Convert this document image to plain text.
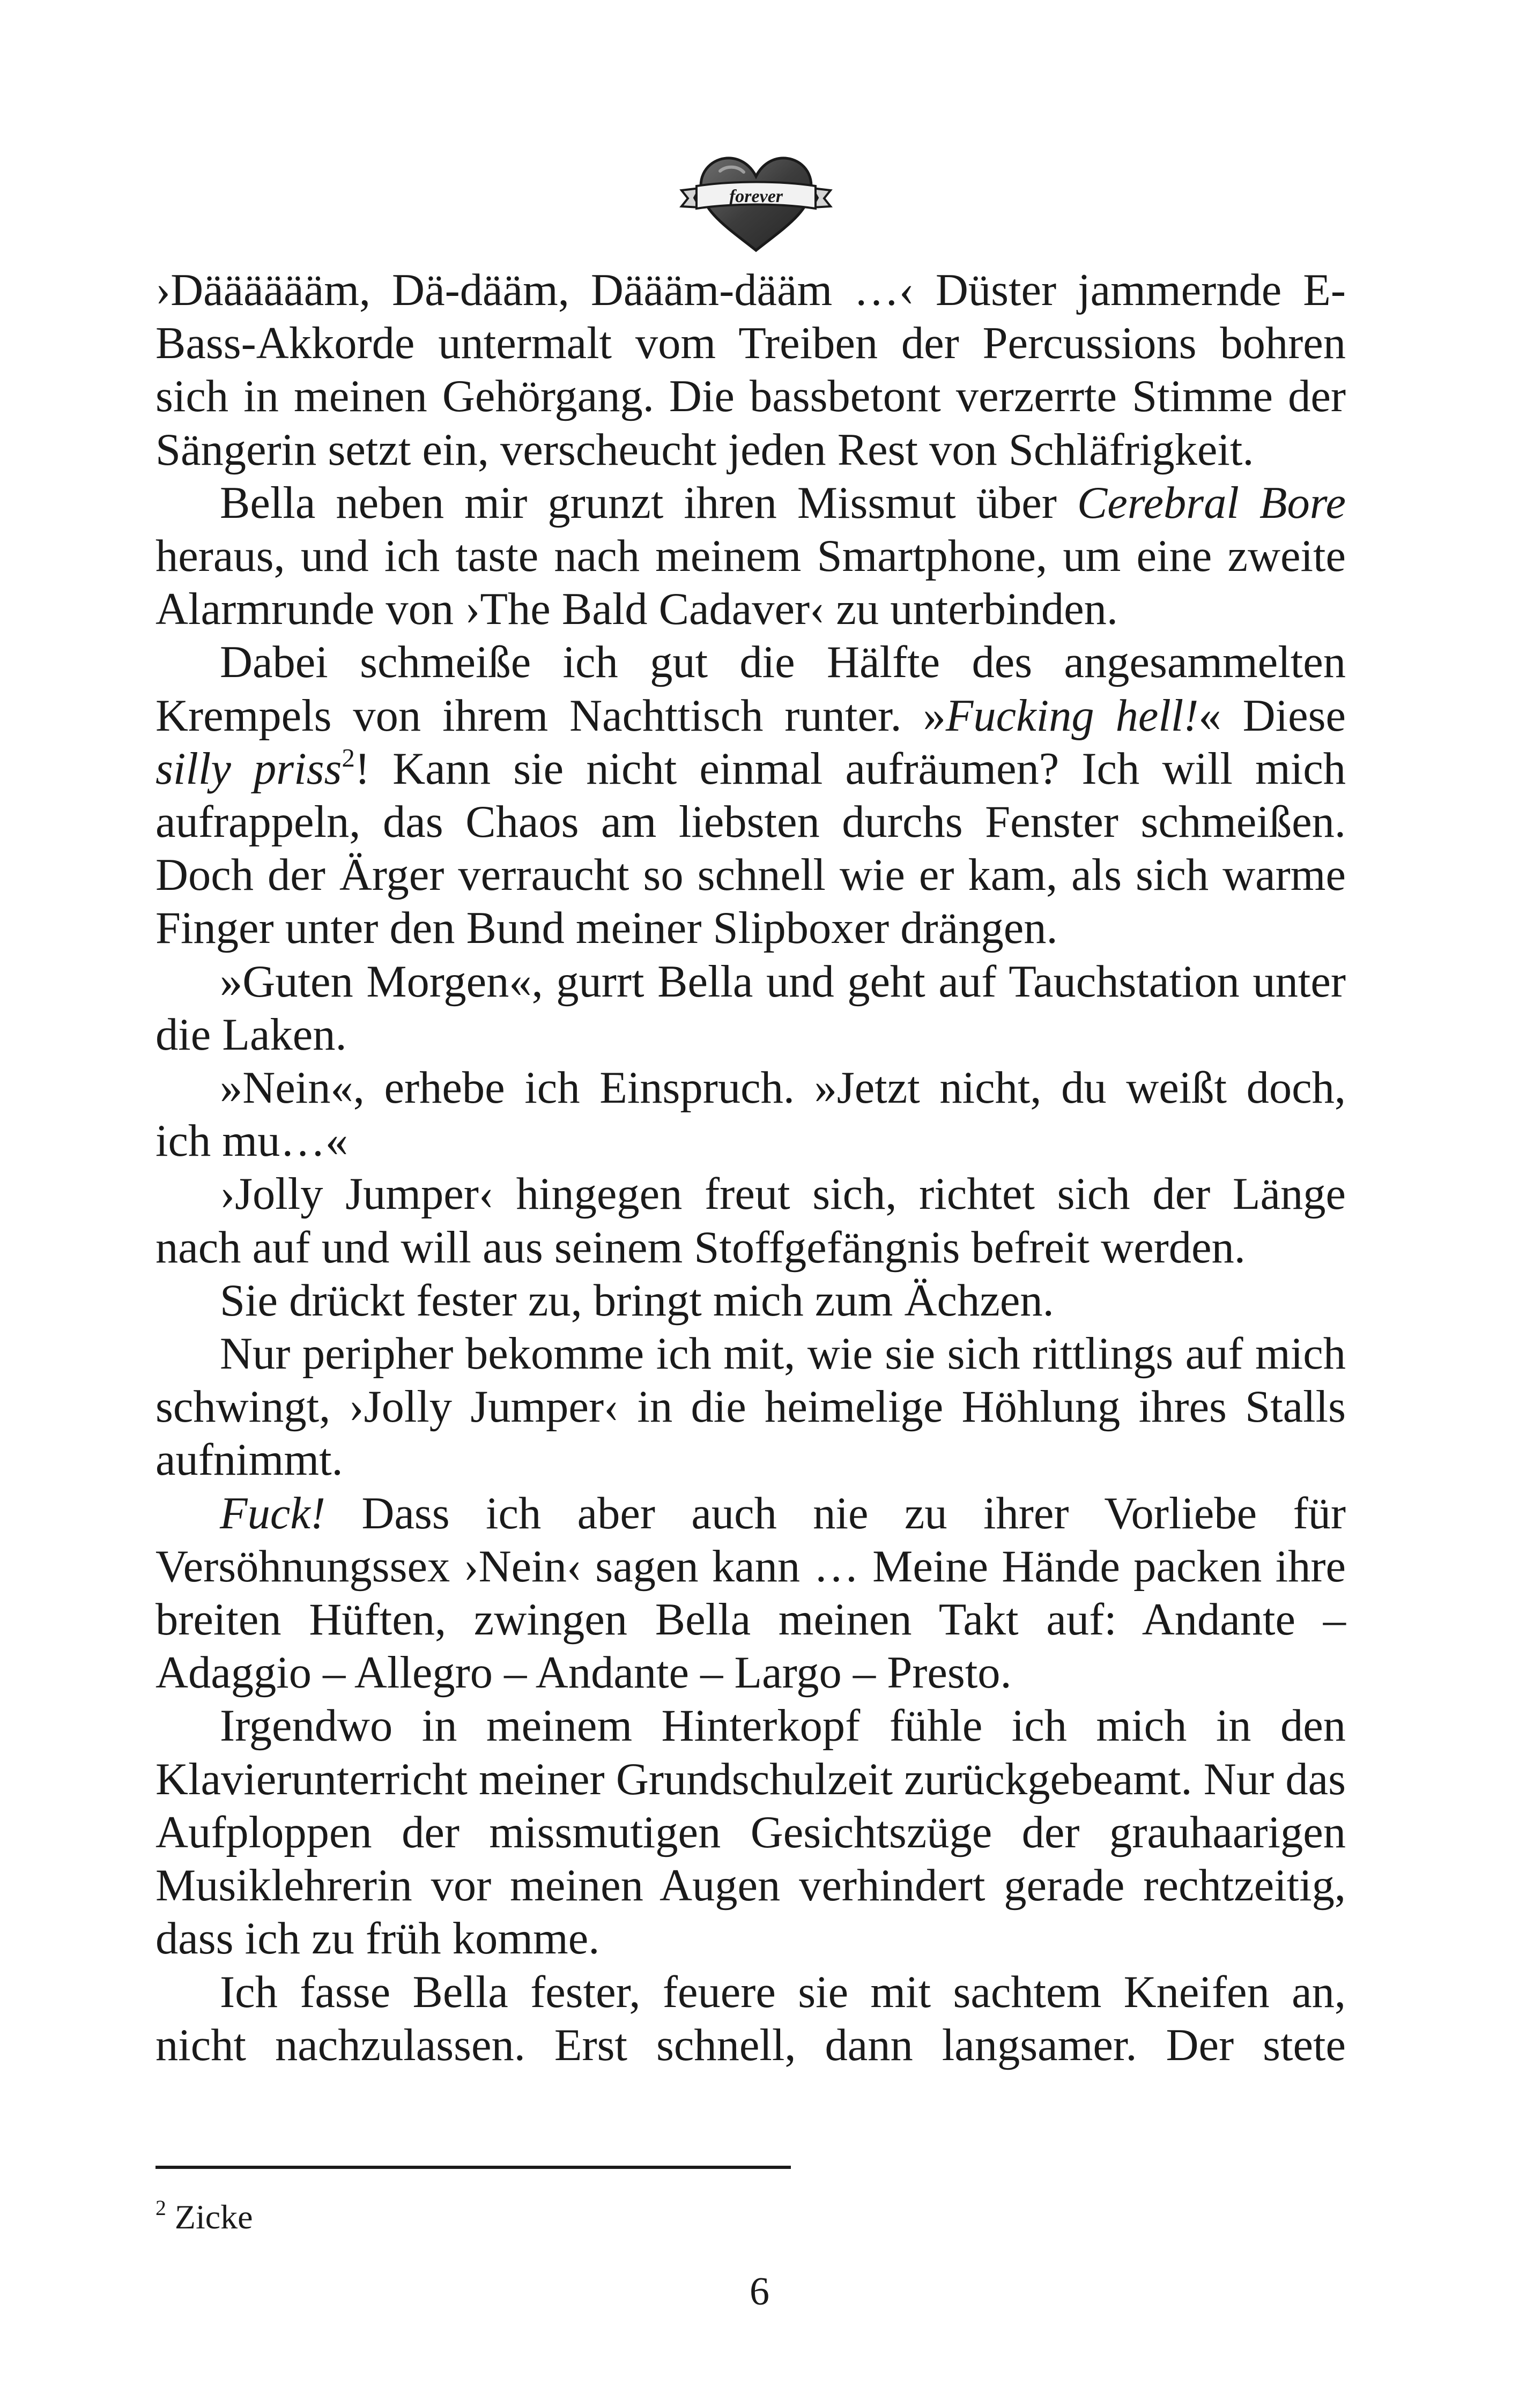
forever

›Dääääääm, Dä-dääm, Däääm-dääm …‹ Düster jammernde E-Bass-Akkorde untermalt vom Treiben der Percussions bohren sich in meinen Gehörgang. Die bassbetont verzerrte Stimme der Sängerin setzt ein, verscheucht jeden Rest von Schläfrigkeit.

Bella neben mir grunzt ihren Missmut über Cerebral Bore heraus, und ich taste nach meinem Smartphone, um eine zweite Alarmrunde von ›The Bald Cadaver‹ zu unterbinden.

Dabei schmeiße ich gut die Hälfte des angesammelten Krempels von ihrem Nachttisch runter. »Fucking hell!« Diese silly priss$^2$! Kann sie nicht einmal aufräumen? Ich will mich aufrappeln, das Chaos am liebsten durchs Fenster schmeißen. Doch der Ärger verraucht so schnell wie er kam, als sich warme Finger unter den Bund meiner Slipboxer drängen.

»Guten Morgen«, gurrt Bella und geht auf Tauchstation unter die Laken.

»Nein«, erhebe ich Einspruch. »Jetzt nicht, du weißt doch, ich mu…«

›Jolly Jumper‹ hingegen freut sich, richtet sich der Länge nach auf und will aus seinem Stoffgefängnis befreit werden.

Sie drückt fester zu, bringt mich zum Ächzen.

Nur peripher bekomme ich mit, wie sie sich rittlings auf mich schwingt, ›Jolly Jumper‹ in die heimelige Höhlung ihres Stalls aufnimmt.

Fuck! Dass ich aber auch nie zu ihrer Vorliebe für Versöhnungssex ›Nein‹ sagen kann … Meine Hände packen ihre breiten Hüften, zwingen Bella meinen Takt auf: Andante – Adaggio – Allegro – Andante – Largo – Presto.

Irgendwo in meinem Hinterkopf fühle ich mich in den Klavierunterricht meiner Grundschulzeit zurückgebeamt. Nur das Aufploppen der missmutigen Gesichtszüge der grauhaarigen Musiklehrerin vor meinen Augen verhindert gerade rechtzeitig, dass ich zu früh komme.

Ich fasse Bella fester, feuere sie mit sachtem Kneifen an, nicht nachzulassen. Erst schnell, dann langsamer. Der stete

$^2$ Zicke
6
